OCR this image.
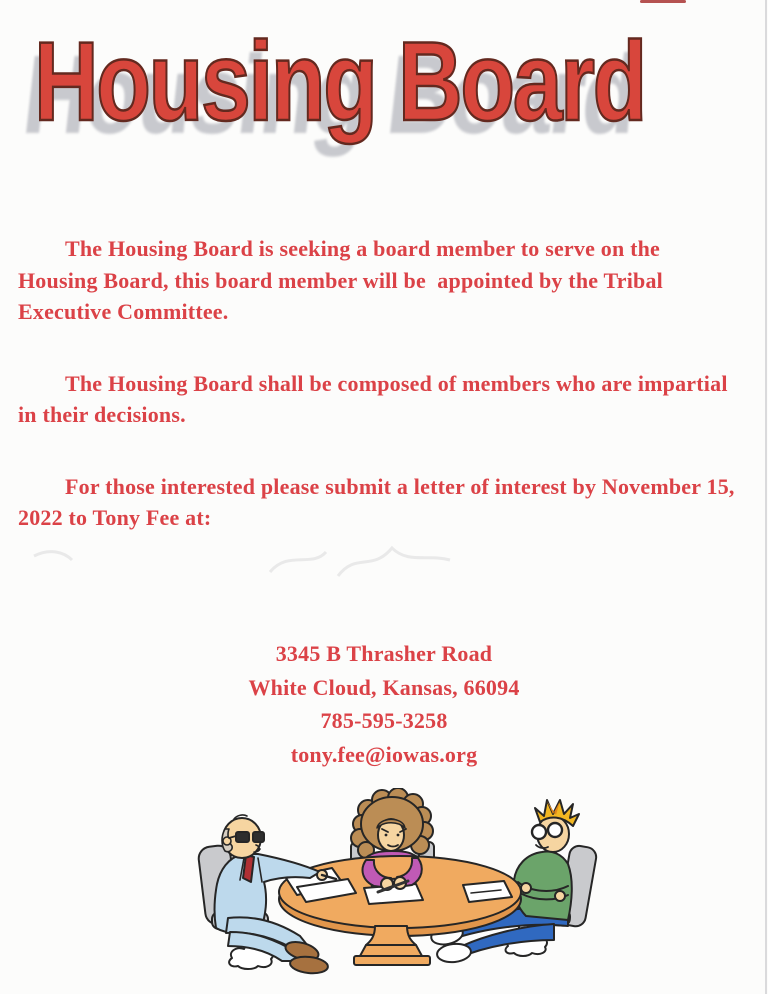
Housing Board Housing Board

The Housing Board is seeking a board member to serve on the
Housing Board, this board member will be  appointed by the Tribal
Executive Committee.

The Housing Board shall be composed of members who are impartial
in their decisions.

For those interested please submit a letter of interest by November 15,
2022 to Tony Fee at:

3345 B Thrasher Road
White Cloud, Kansas, 66094
785-595-3258
tony.fee@iowas.org
